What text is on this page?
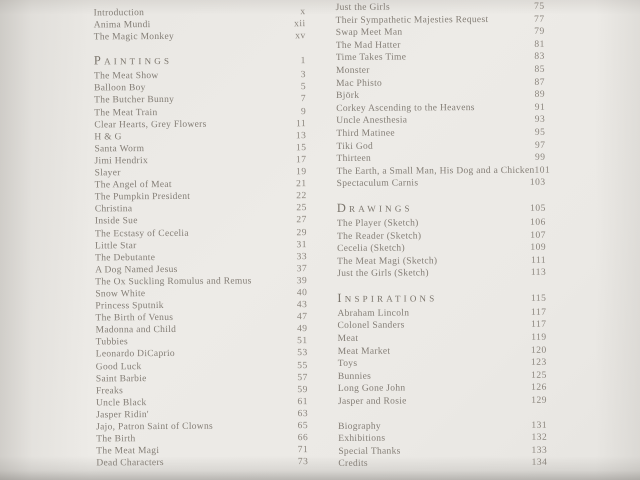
Introduction	x
Anima Mundi	xii
The Magic Monkey	xv
Paintings	1
The Meat Show	3
Balloon Boy	5
The Butcher Bunny	7
The Meat Train	9
Clear Hearts, Grey Flowers	11
H & G	13
Santa Worm	15
Jimi Hendrix	17
Slayer	19
The Angel of Meat	21
The Pumpkin President	22
Christina	25
Inside Sue	27
The Ecstasy of Cecelia	29
Little Star	31
The Debutante	33
A Dog Named Jesus	37
The Ox Suckling Romulus and Remus	39
Snow White	40
Princess Sputnik	43
The Birth of Venus	47
Madonna and Child	49
Tubbies	51
Leonardo DiCaprio	53
Good Luck	55
Saint Barbie	57
Freaks	59
Uncle Black	61
Jasper Ridin'	63
Jajo, Patron Saint of Clowns	65
The Birth	66
The Meat Magi	71
Dead Characters	73
Just the Girls	75
Their Sympathetic Majesties Request	77
Swap Meet Man	79
The Mad Hatter	81
Time Takes Time	83
Monster	85
Mac Phisto	87
Björk	89
Corkey Ascending to the Heavens	91
Uncle Anesthesia	93
Third Matinee	95
Tiki God	97
Thirteen	99
The Earth, a Small Man, His Dog and a Chicken 101
Spectaculum Carnis	103
Drawings	105
The Player (Sketch)	106
The Reader (Sketch)	107
Cecelia (Sketch)	109
The Meat Magi (Sketch)	111
Just the Girls (Sketch)	113
Inspirations	115
Abraham Lincoln	117
Colonel Sanders	117
Meat	119
Meat Market	120
Toys	123
Bunnies	125
Long Gone John	126
Jasper and Rosie	129
Biography	131
Exhibitions	132
Special Thanks	133
Credits	134
